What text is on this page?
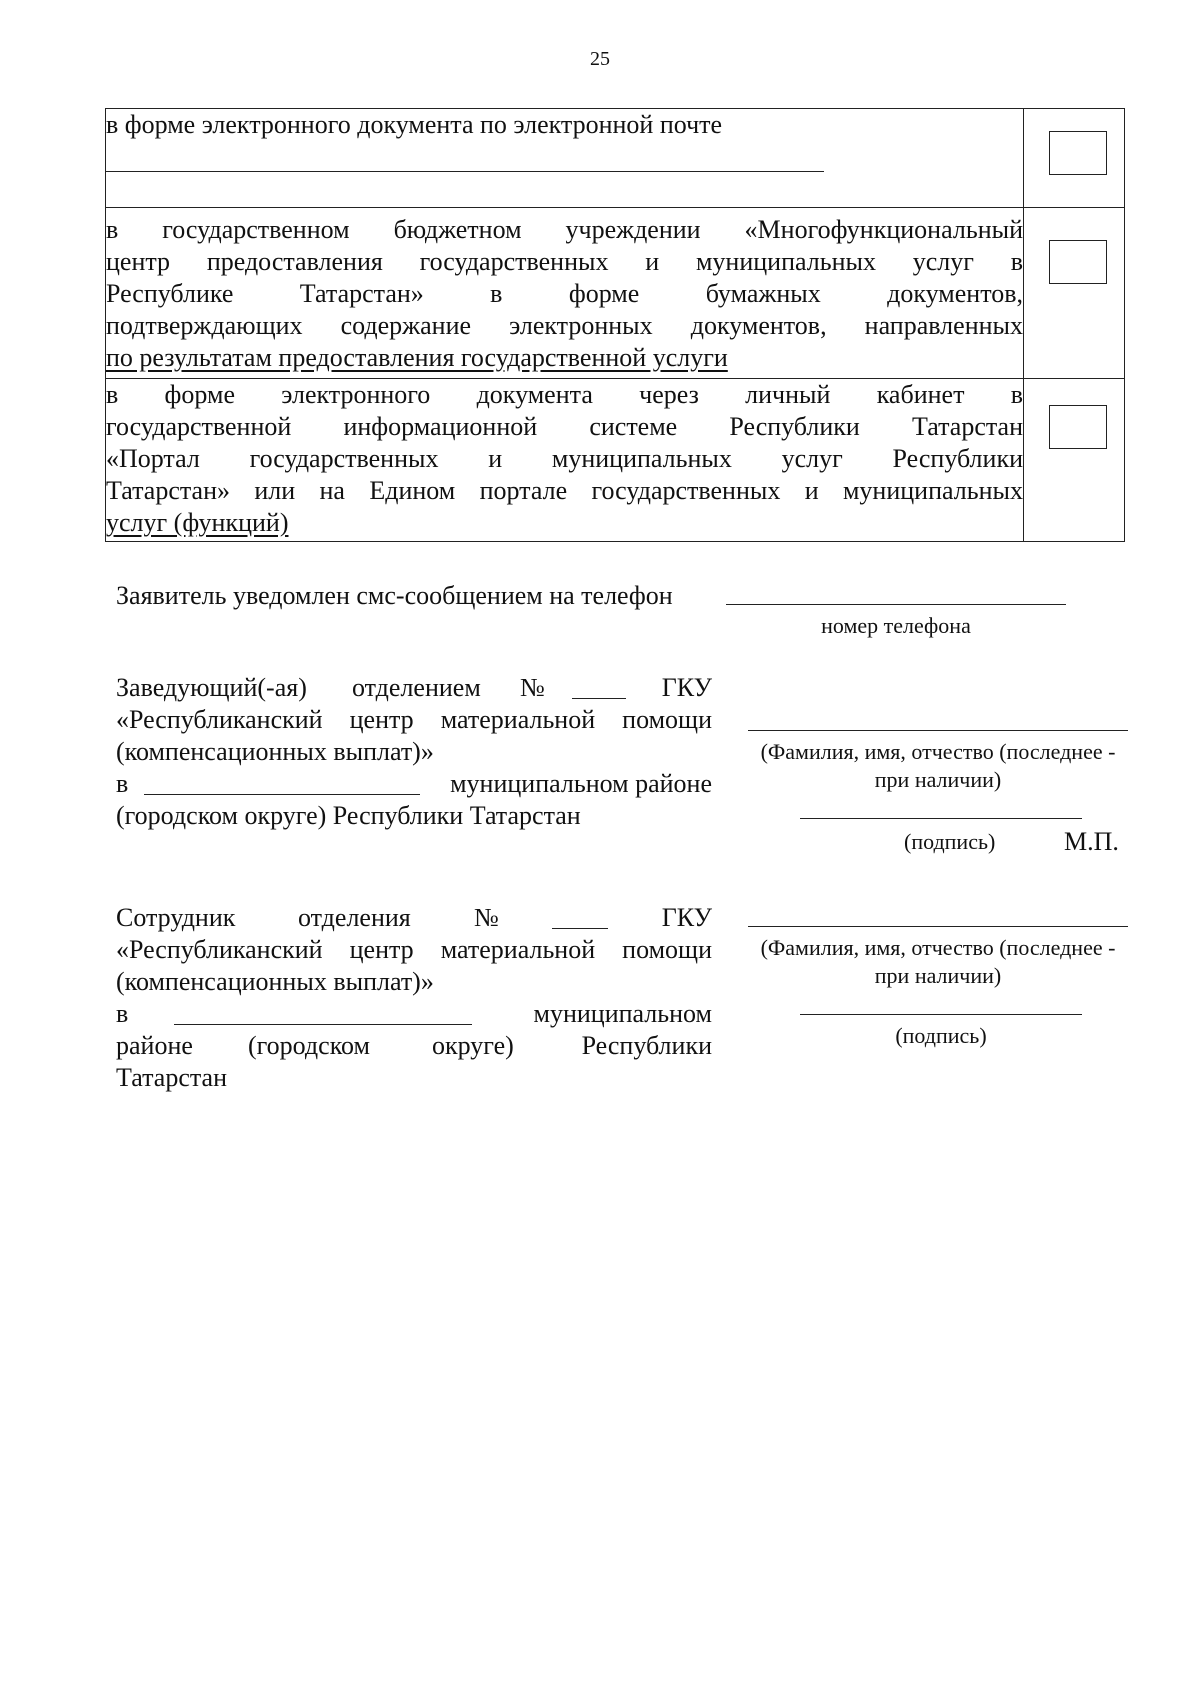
25
в форме электронного документа по электронной почте

в государственном бюджетном учреждении «Многофункциональный
центр предоставления государственных и муниципальных услуг в
Республике Татарстан» в форме бумажных документов,
подтверждающих содержание электронных документов, направленных
по результатам предоставления государственной услуги	

в форме электронного документа через личный кабинет в
государственной информационной системе Республики Татарстан
«Портал государственных и муниципальных услуг Республики
Татарстан» или на Едином портале государственных и муниципальных
услуг (функций)	

Заявитель уведомлен смс-сообщением на телефон
номер телефона
Заведующий(-ая) отделением №	ГКУ
«Республиканский центр материальной помощи
(компенсационных выплат)»
в	муниципальном районе
(городском округе) Республики Татарстан
(Фамилия, имя, отчество (последнее -
при наличии)
(подпись)	М.П.
Сотрудник отделения №	ГКУ
«Республиканский центр материальной помощи
(компенсационных выплат)»
в	муниципальном
районе (городском округе)	Республики
Татарстан
(Фамилия, имя, отчество (последнее -
при наличии)
(подпись)
